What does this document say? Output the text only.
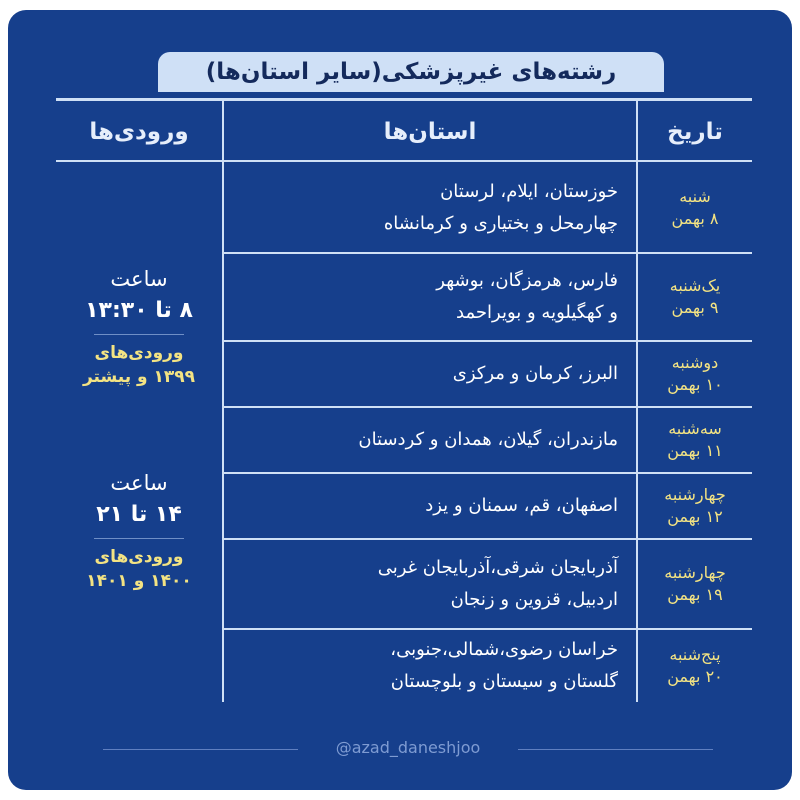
رشته‌های غیرپزشکی(سایر استان‌ها)
تاریخ
استان‌ها
ورودی‌ها
شنبه
۸ بهمن
خوزستان، ایلام، لرستان
چهارمحل و بختیاری و کرمانشاه
یک‌شنبه
۹ بهمن
فارس، هرمزگان، بوشهر
و کهگیلویه و بویراحمد
دوشنبه
۱۰ بهمن
البرز، کرمان و مرکزی
سه‌شنبه
۱۱ بهمن
مازندران، گیلان، همدان و کردستان
چهارشنبه
۱۲ بهمن
اصفهان، قم، سمنان و یزد
چهارشنبه
۱۹ بهمن
آذربایجان شرقی،آذربایجان غربی
اردبیل، قزوین و زنجان
پنج‌شنبه
۲۰ بهمن
خراسان رضوی،شمالی،جنوبی،
گلستان و سیستان و بلوچستان
ساعت
۸ تا ۱۳:۳۰
ورودی‌های
۱۳۹۹ و پیشتر
ساعت
۱۴ تا ۲۱
ورودی‌های
۱۴۰۰ و ۱۴۰۱
@azad_daneshjoo
